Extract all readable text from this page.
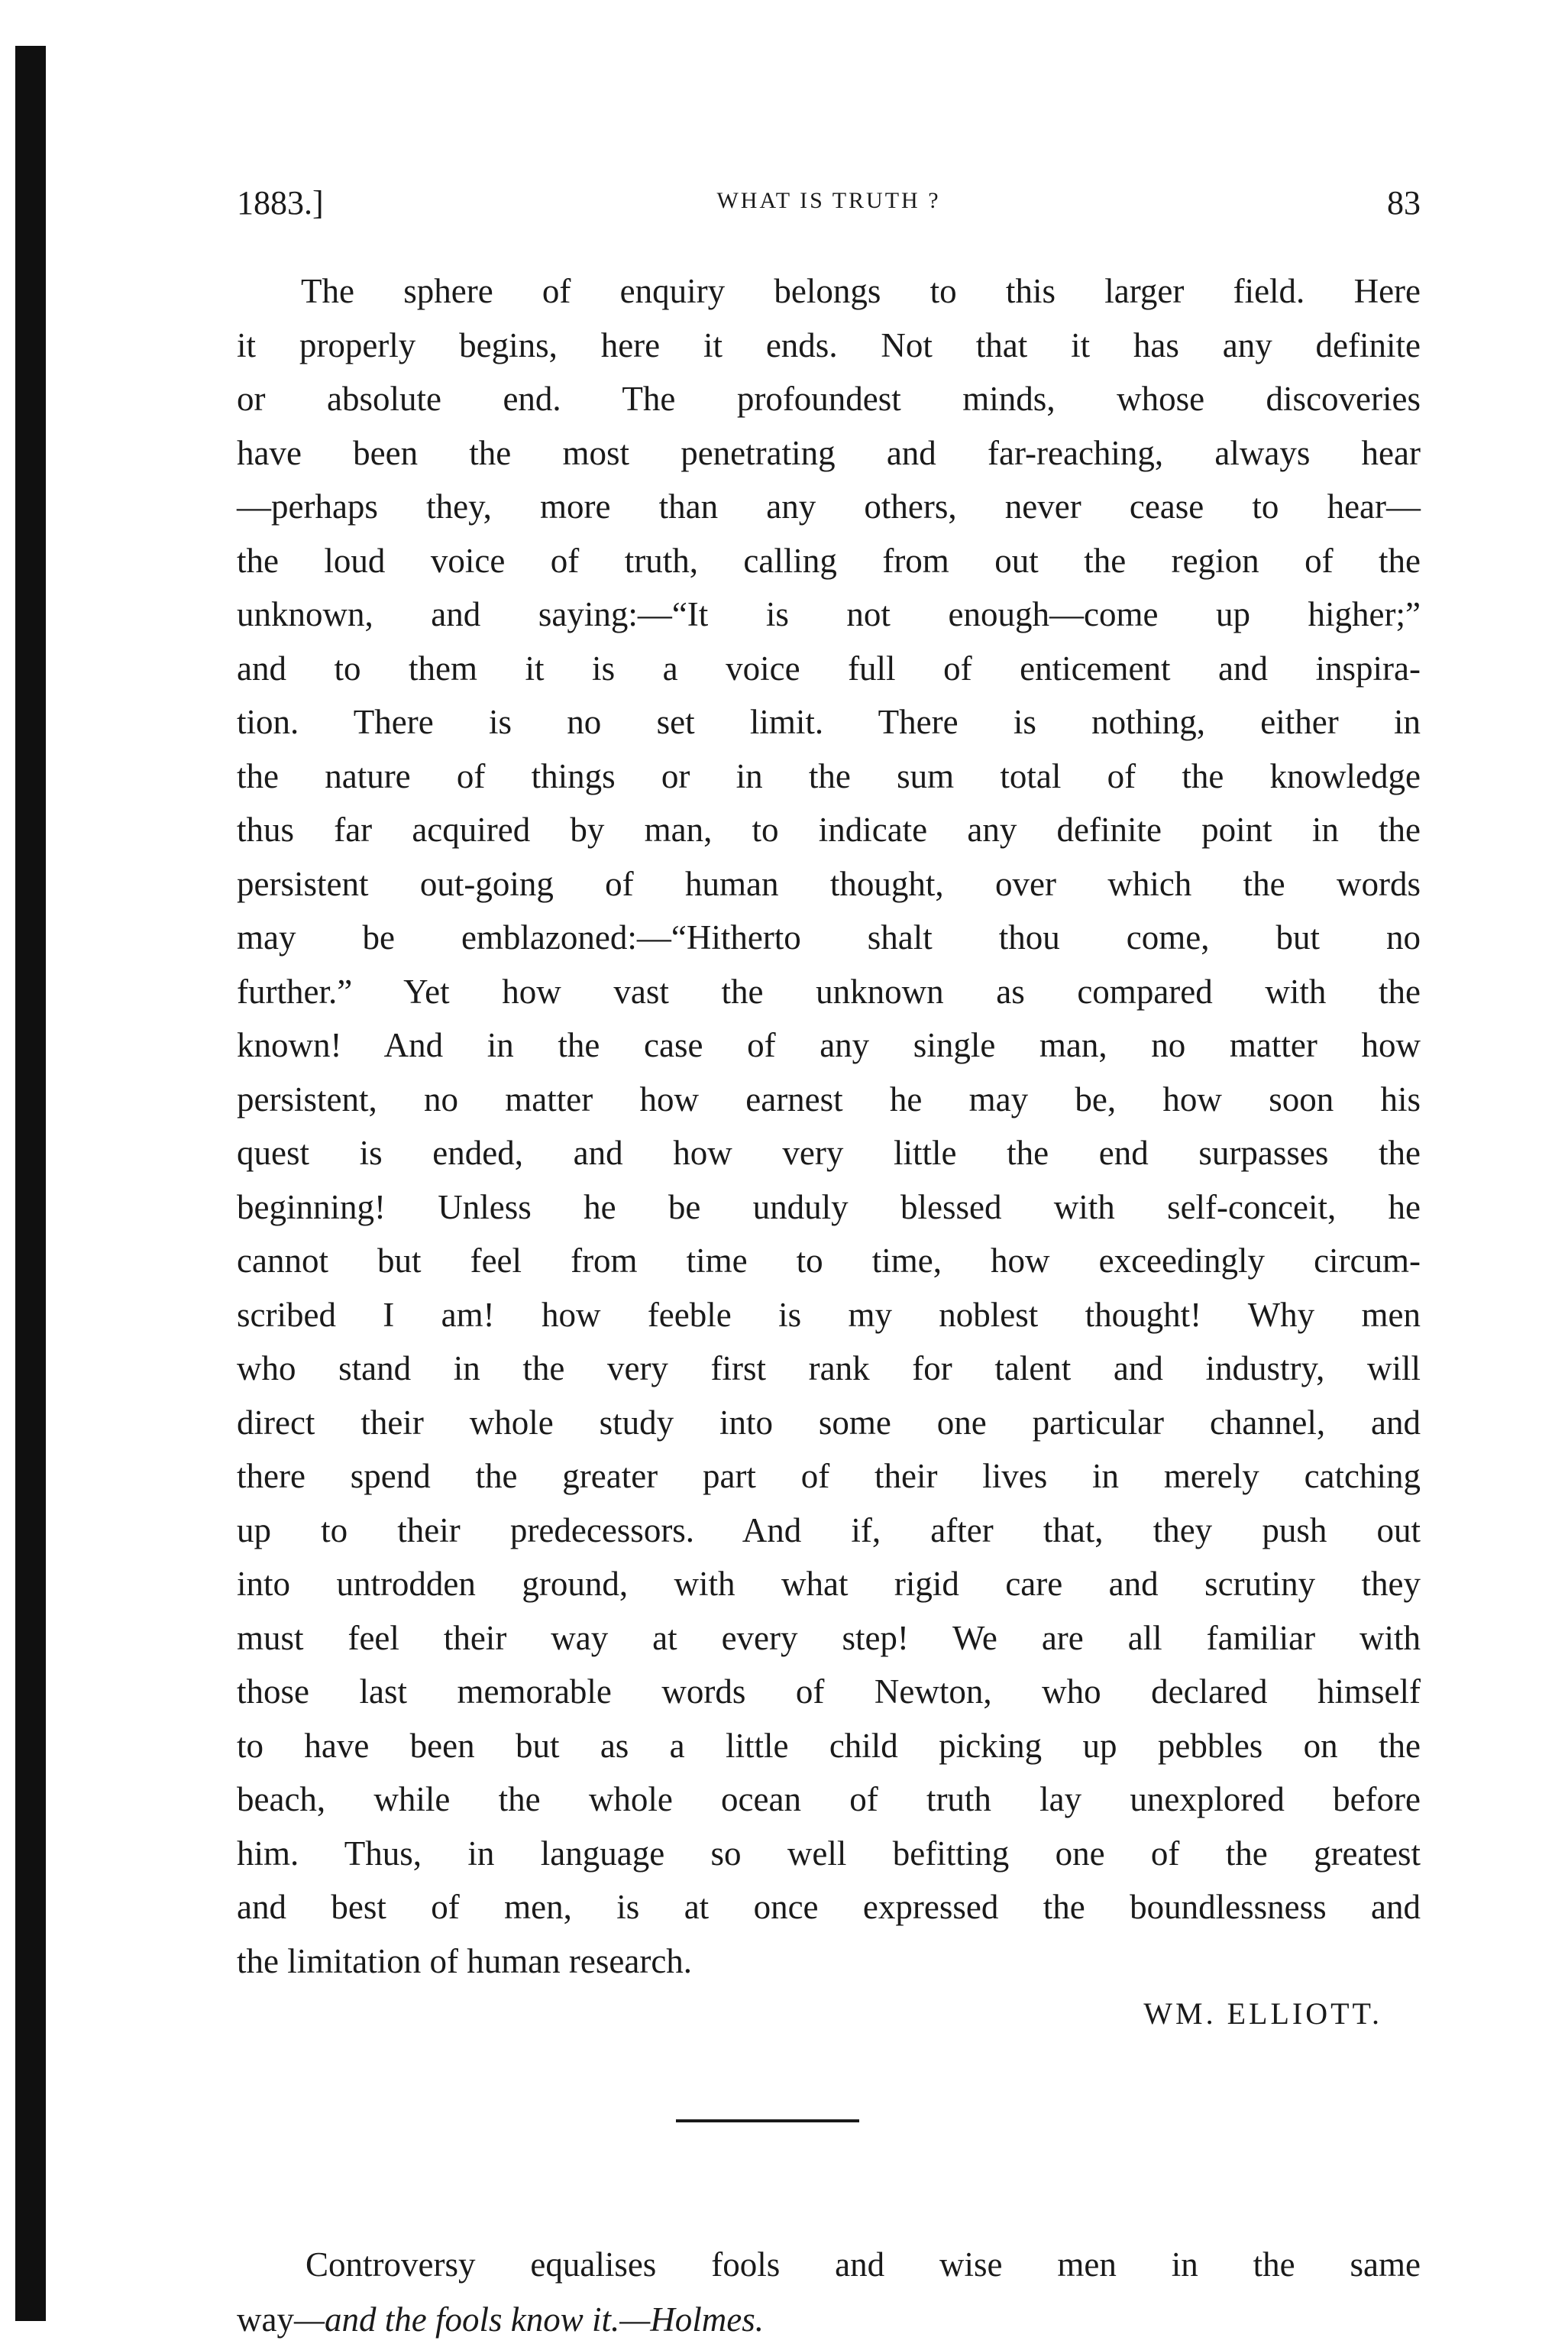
1883.]	WHAT IS TRUTH ?	83
The sphere of enquiry belongs to this larger field. Here
it properly begins, here it ends. Not that it has any definite
or absolute end. The profoundest minds, whose discoveries
have been the most penetrating and far-reaching, always hear
—perhaps they, more than any others, never cease to hear—
the loud voice of truth, calling from out the region of the
unknown, and saying:—“It is not enough—come up higher;”
and to them it is a voice full of enticement and inspira-
tion. There is no set limit. There is nothing, either in
the nature of things or in the sum total of the knowledge
thus far acquired by man, to indicate any definite point in the
persistent out-going of human thought, over which the words
may be emblazoned:—“Hitherto shalt thou come, but no
further.” Yet how vast the unknown as compared with the
known! And in the case of any single man, no matter how
persistent, no matter how earnest he may be, how soon his
quest is ended, and how very little the end surpasses the
beginning! Unless he be unduly blessed with self-conceit, he
cannot but feel from time to time, how exceedingly circum-
scribed I am! how feeble is my noblest thought! Why men
who stand in the very first rank for talent and industry, will
direct their whole study into some one particular channel, and
there spend the greater part of their lives in merely catching
up to their predecessors. And if, after that, they push out
into untrodden ground, with what rigid care and scrutiny they
must feel their way at every step! We are all familiar with
those last memorable words of Newton, who declared himself
to have been but as a little child picking up pebbles on the
beach, while the whole ocean of truth lay unexplored before
him. Thus, in language so well befitting one of the greatest
and best of men, is at once expressed the boundlessness and
the limitation of human research.
WM. ELLIOTT.
Controversy equalises fools and wise men in the same
way—and the fools know it.—Holmes.
